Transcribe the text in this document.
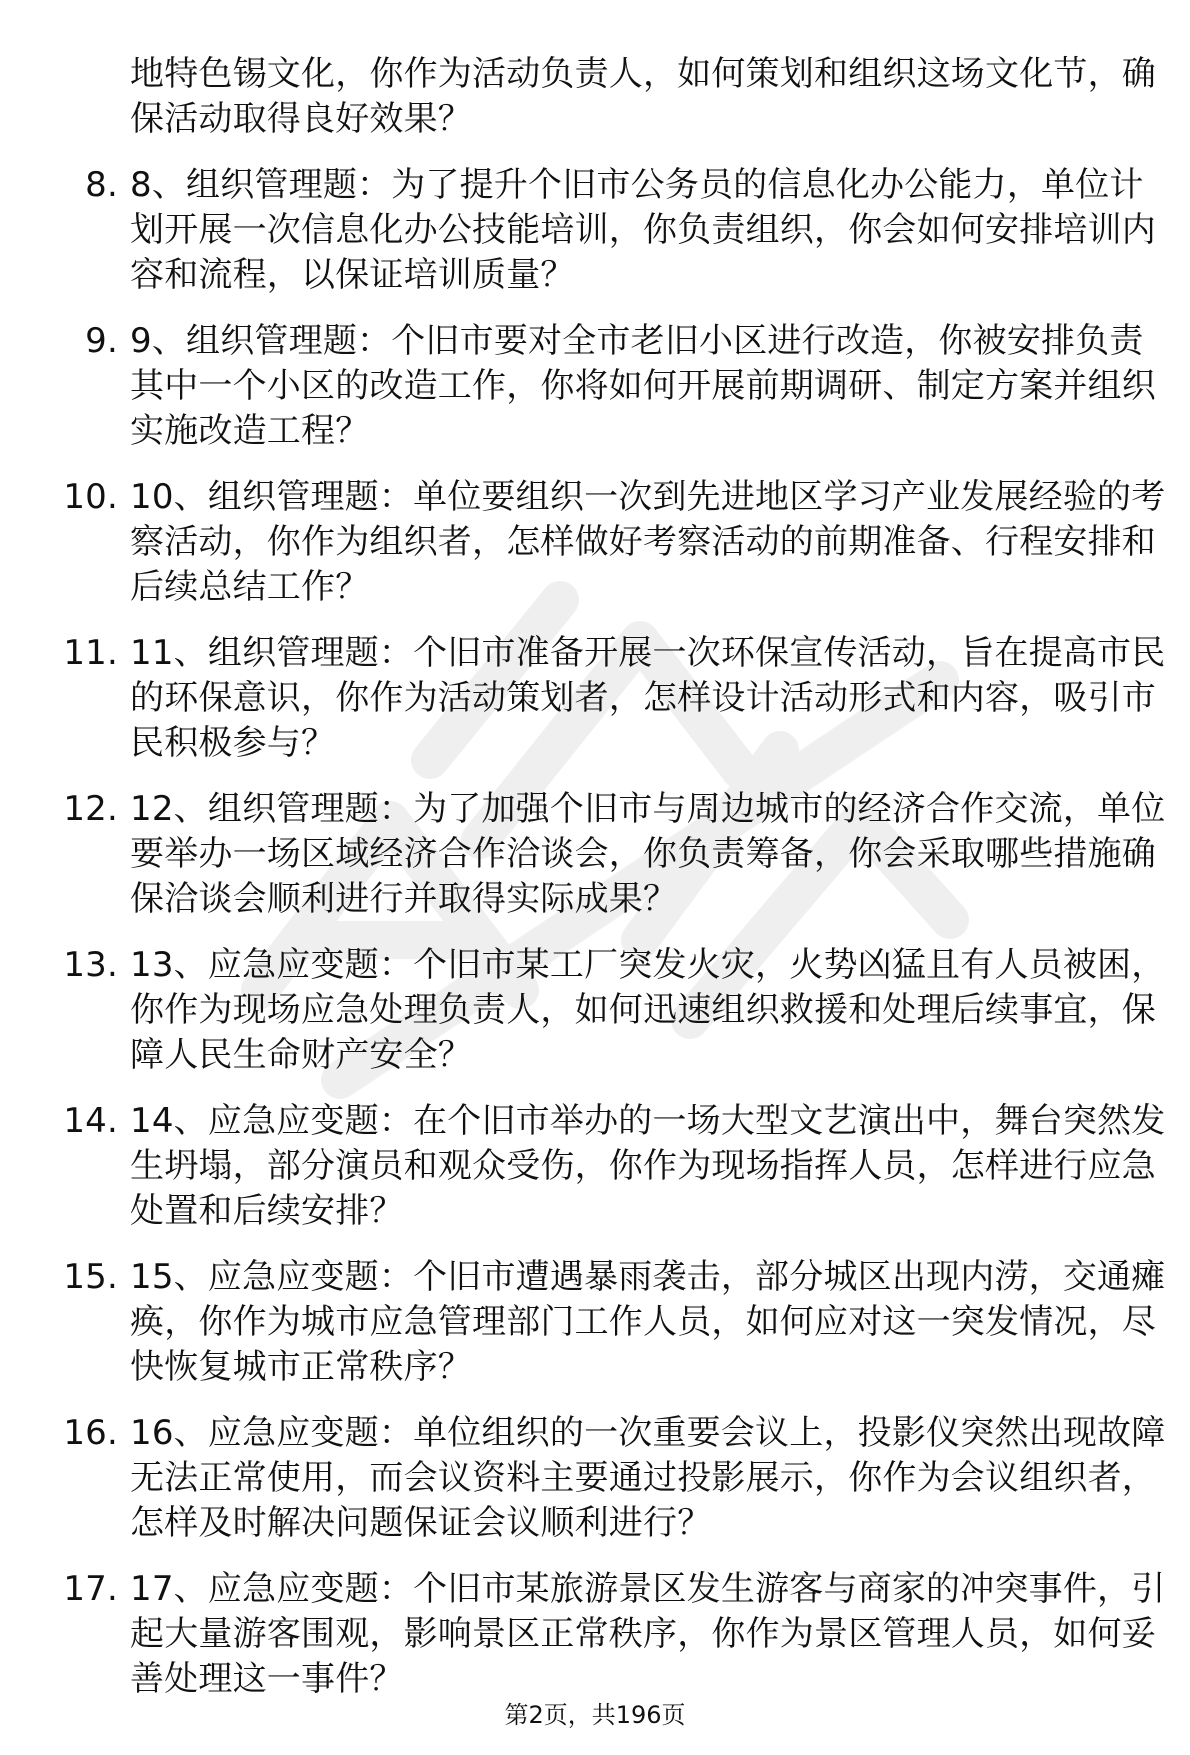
地特色锡文化，你作为活动负责人，如何策划和组织这场文化节，确保活动取得良好效果？

8. 8、组织管理题：为了提升个旧市公务员的信息化办公能力，单位计划开展一次信息化办公技能培训，你负责组织，你会如何安排培训内容和流程，以保证培训质量？
9. 9、组织管理题：个旧市要对全市老旧小区进行改造，你被安排负责其中一个小区的改造工作，你将如何开展前期调研、制定方案并组织实施改造工程？
10. 10、组织管理题：单位要组织一次到先进地区学习产业发展经验的考察活动，你作为组织者，怎样做好考察活动的前期准备、行程安排和后续总结工作？
11. 11、组织管理题：个旧市准备开展一次环保宣传活动，旨在提高市民的环保意识，你作为活动策划者，怎样设计活动形式和内容，吸引市民积极参与？
12. 12、组织管理题：为了加强个旧市与周边城市的经济合作交流，单位要举办一场区域经济合作洽谈会，你负责筹备，你会采取哪些措施确保洽谈会顺利进行并取得实际成果？
13. 13、应急应变题：个旧市某工厂突发火灾，火势凶猛且有人员被困，你作为现场应急处理负责人，如何迅速组织救援和处理后续事宜，保障人民生命财产安全？
14. 14、应急应变题：在个旧市举办的一场大型文艺演出中，舞台突然发生坍塌，部分演员和观众受伤，你作为现场指挥人员，怎样进行应急处置和后续安排？
15. 15、应急应变题：个旧市遭遇暴雨袭击，部分城区出现内涝，交通瘫痪，你作为城市应急管理部门工作人员，如何应对这一突发情况，尽快恢复城市正常秩序？
16. 16、应急应变题：单位组织的一次重要会议上，投影仪突然出现故障无法正常使用，而会议资料主要通过投影展示，你作为会议组织者，怎样及时解决问题保证会议顺利进行？
17. 17、应急应变题：个旧市某旅游景区发生游客与商家的冲突事件，引起大量游客围观，影响景区正常秩序，你作为景区管理人员，如何妥善处理这一事件？
第2页，共196页
